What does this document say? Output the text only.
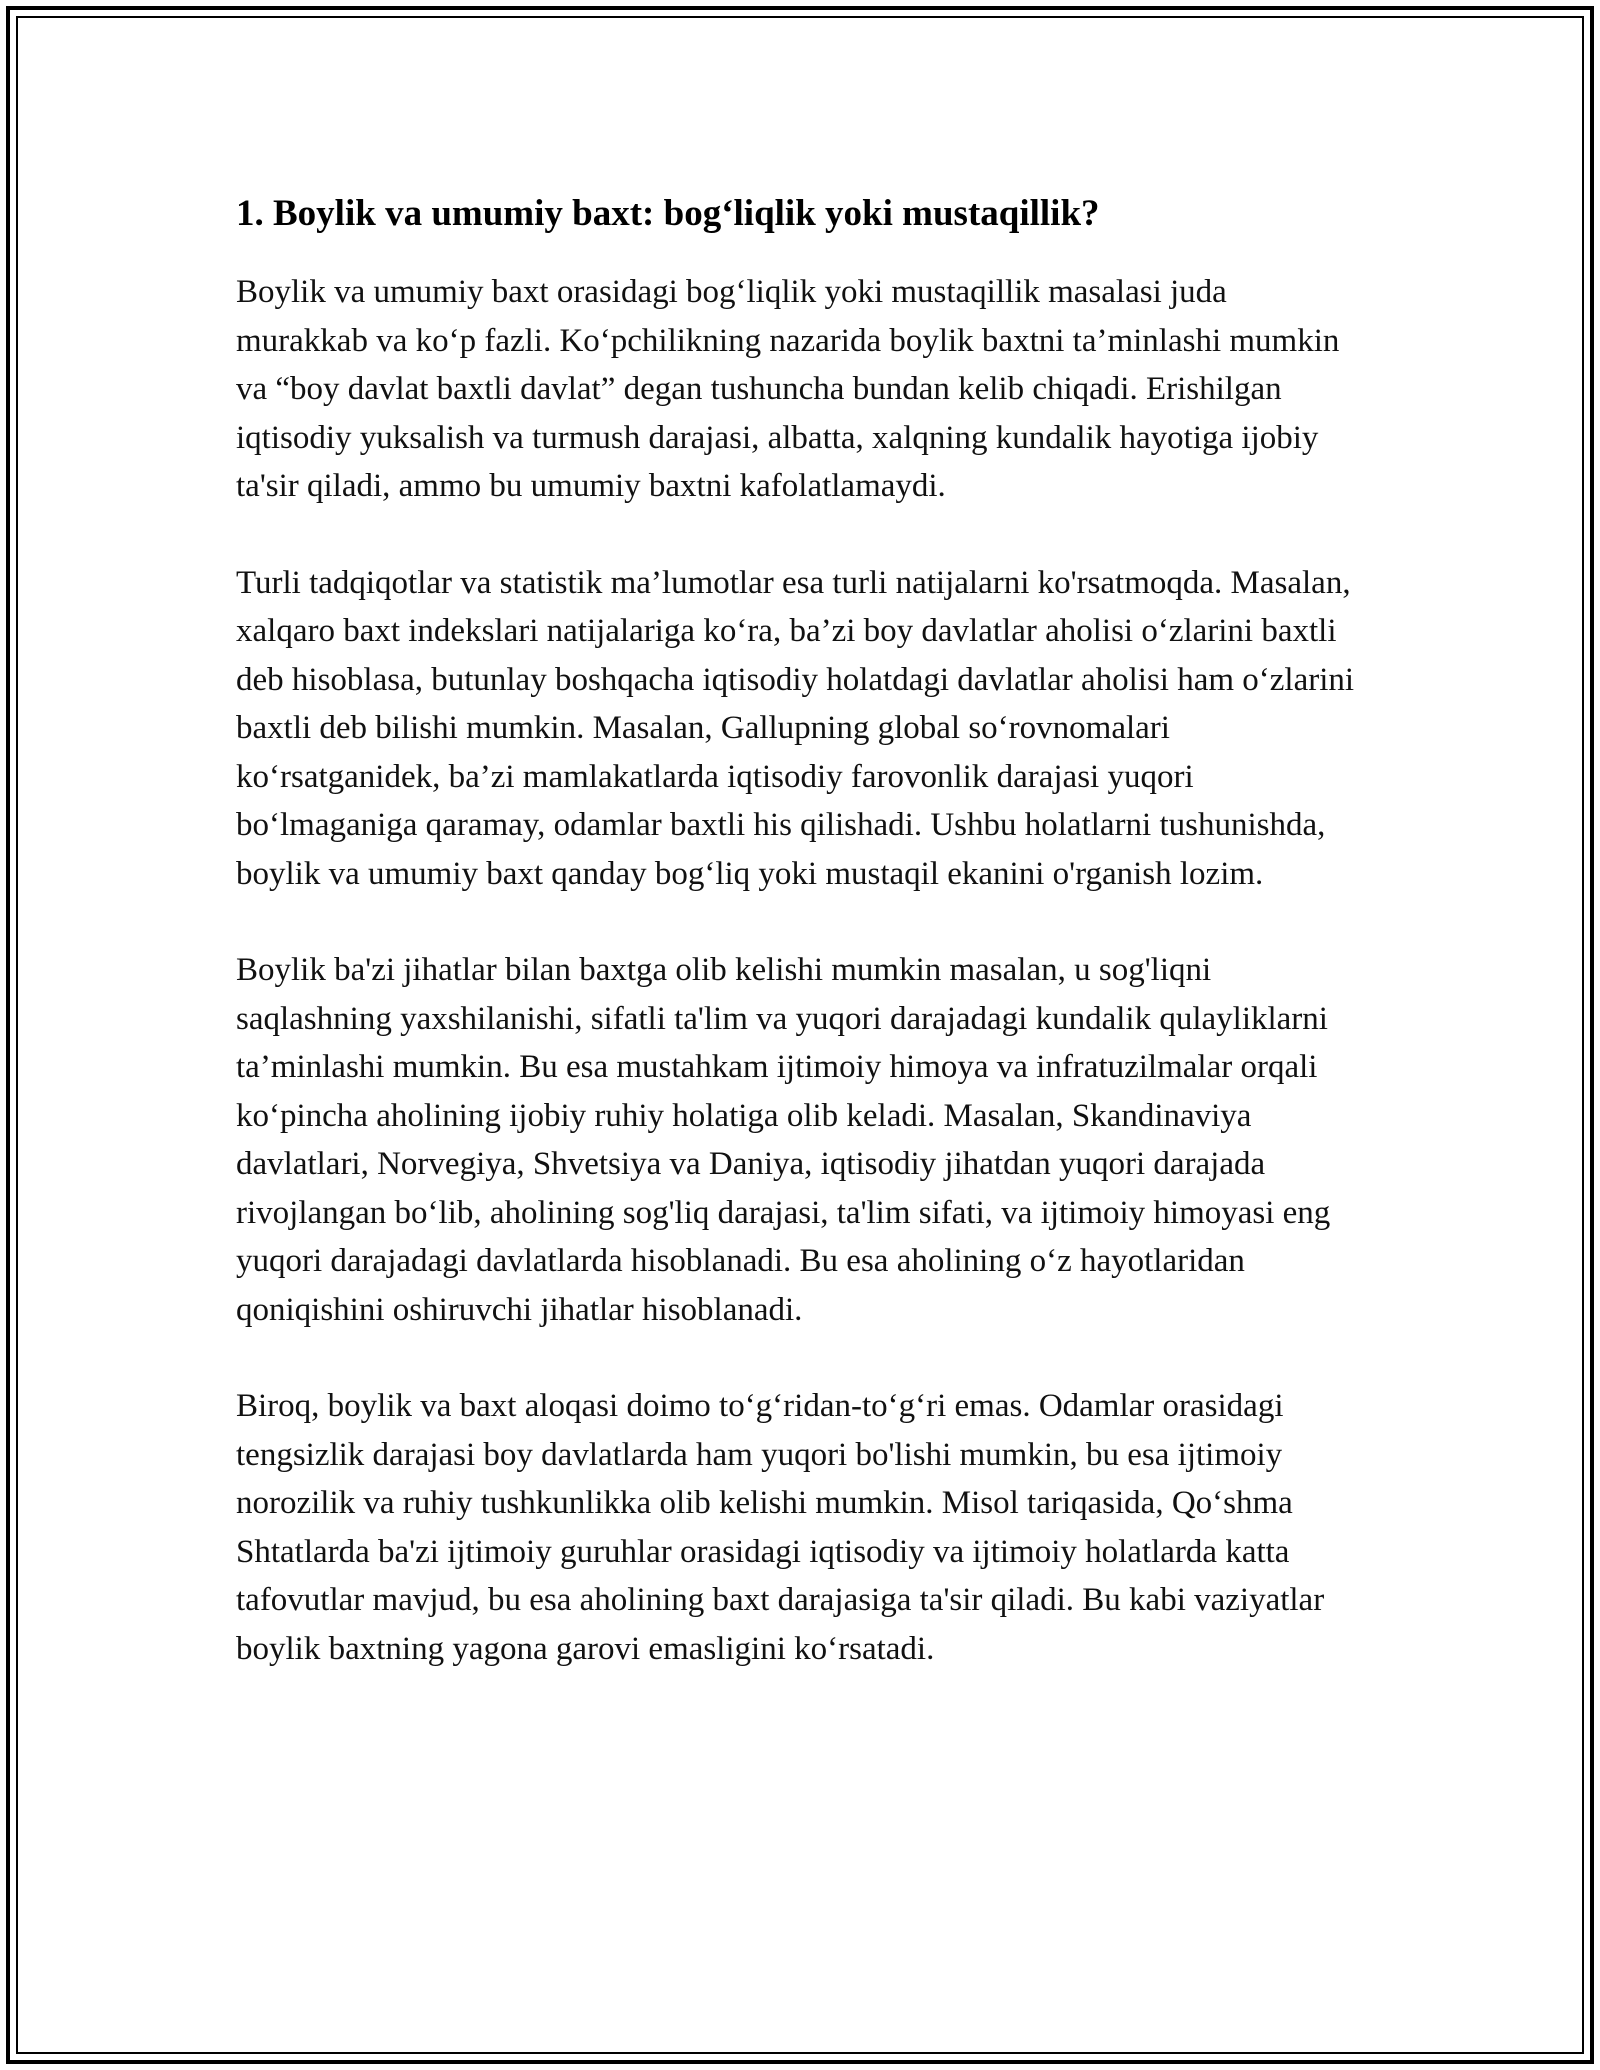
1. Boylik va umumiy baxt: bog‘liqlik yoki mustaqillik?

Boylik va umumiy baxt orasidagi bog‘liqlik yoki mustaqillik masalasi juda murakkab va ko‘p fazli. Ko‘pchilikning nazarida boylik baxtni ta’minlashi mumkin va “boy davlat baxtli davlat” degan tushuncha bundan kelib chiqadi. Erishilgan iqtisodiy yuksalish va turmush darajasi, albatta, xalqning kundalik hayotiga ijobiy ta'sir qiladi, ammo bu umumiy baxtni kafolatlamaydi.

Turli tadqiqotlar va statistik ma’lumotlar esa turli natijalarni ko'rsatmoqda. Masalan, xalqaro baxt indekslari natijalariga ko‘ra, ba’zi boy davlatlar aholisi o‘zlarini baxtli deb hisoblasa, butunlay boshqacha iqtisodiy holatdagi davlatlar aholisi ham o‘zlarini baxtli deb bilishi mumkin. Masalan, Gallupning global so‘rovnomalari ko‘rsatganidek, ba’zi mamlakatlarda iqtisodiy farovonlik darajasi yuqori bo‘lmaganiga qaramay, odamlar baxtli his qilishadi. Ushbu holatlarni tushunishda, boylik va umumiy baxt qanday bog‘liq yoki mustaqil ekanini o'rganish lozim.

Boylik ba'zi jihatlar bilan baxtga olib kelishi mumkin masalan, u sog'liqni saqlashning yaxshilanishi, sifatli ta'lim va yuqori darajadagi kundalik qulayliklarni ta’minlashi mumkin. Bu esa mustahkam ijtimoiy himoya va infratuzilmalar orqali ko‘pincha aholining ijobiy ruhiy holatiga olib keladi. Masalan, Skandinaviya davlatlari, Norvegiya, Shvetsiya va Daniya, iqtisodiy jihatdan yuqori darajada rivojlangan bo‘lib, aholining sog'liq darajasi, ta'lim sifati, va ijtimoiy himoyasi eng yuqori darajadagi davlatlarda hisoblanadi. Bu esa aholining o‘z hayotlaridan qoniqishini oshiruvchi jihatlar hisoblanadi.

Biroq, boylik va baxt aloqasi doimo to‘g‘ridan-to‘g‘ri emas. Odamlar orasidagi tengsizlik darajasi boy davlatlarda ham yuqori bo'lishi mumkin, bu esa ijtimoiy norozilik va ruhiy tushkunlikka olib kelishi mumkin. Misol tariqasida, Qo‘shma Shtatlarda ba'zi ijtimoiy guruhlar orasidagi iqtisodiy va ijtimoiy holatlarda katta tafovutlar mavjud, bu esa aholining baxt darajasiga ta'sir qiladi. Bu kabi vaziyatlar boylik baxtning yagona garovi emasligini ko‘rsatadi.
